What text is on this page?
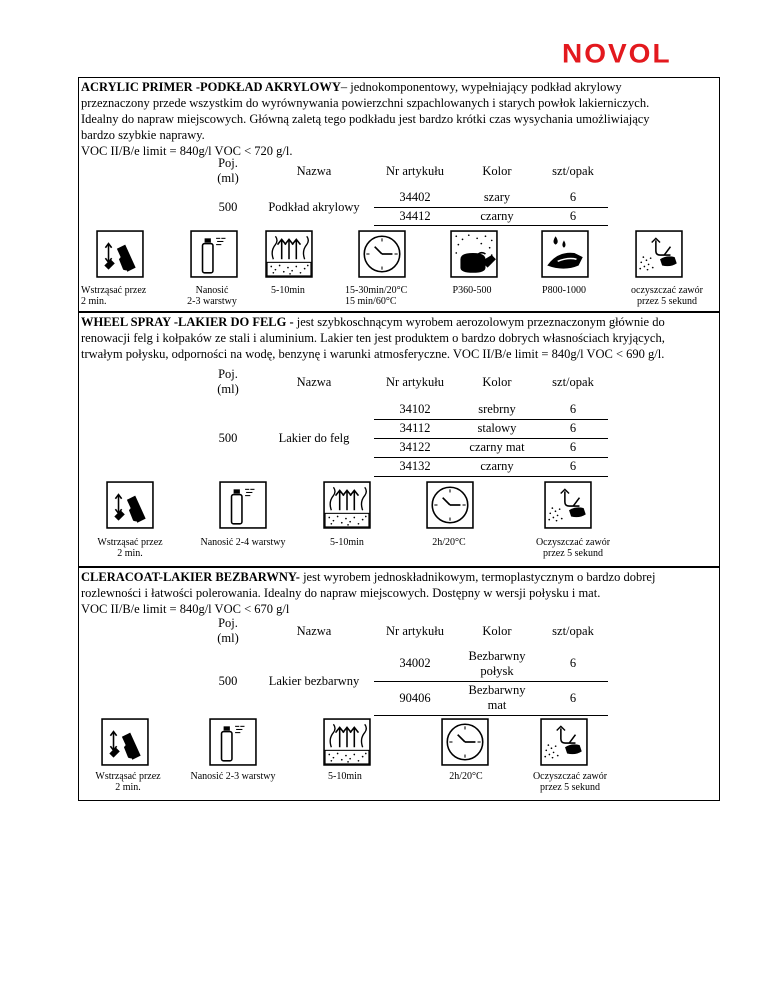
NOVOL
ACRYLIC PRIMER -PODKŁAD AKRYLOWY– jednokomponentowy, wypełniający podkład akrylowy
przeznaczony przede wszystkim do wyrównywania powierzchni szpachlowanych i starych powłok lakierniczych.
Idealny do napraw miejscowych. Główną zaletą tego podkładu jest bardzo krótki czas wysychania umożliwiający
bardzo szybkie naprawy.
VOC II/B/e limit = 840g/l VOC < 720 g/l.
Poj.
(ml)	Nazwa	Nr artykułu	Kolor	szt/opak
500	Podkład akrylowy	34402	szary	6
		34412	czarny	6
Wstrząsać przez
2 min.
Nanosić
2-3 warstwy
5-10min	15-30min/20°C
15 min/60°C
P360-500	P800-1000	oczyszczać zawór
przez 5 sekund
WHEEL SPRAY -LAKIER DO FELG - jest szybkoschnącym wyrobem aerozolowym przeznaczonym głównie do
renowacji felg i kołpaków ze stali i aluminium. Lakier ten jest produktem o bardzo dobrych własnościach kryjących,
trwałym połysku, odporności na wodę, benzynę i warunki atmosferyczne. VOC II/B/e limit = 840g/l VOC < 690 g/l.
Poj.
(ml)	Nazwa	Nr artykułu	Kolor	szt/opak
500	Lakier do felg	34102	srebrny	6
		34112	stalowy	6
		34122	czarny mat	6
		34132	czarny	6
Wstrząsać przez
2 min.
Nanosić 2-4 warstwy	5-10min	2h/20°C	Oczyszczać zawór
przez 5 sekund
CLERACOAT-LAKIER BEZBARWNY- jest wyrobem jednoskładnikowym, termoplastycznym o bardzo dobrej
rozlewności i łatwości polerowania. Idealny do napraw miejscowych. Dostępny w wersji połysku i mat.
VOC II/B/e limit = 840g/l VOC < 670 g/l
Poj.
(ml)	Nazwa	Nr artykułu	Kolor	szt/opak
500	Lakier bezbarwny	34002	Bezbarwny
połysk	6
		90406	Bezbarwny
mat	6
Wstrząsać przez
2 min.
Nanosić 2-3 warstwy	5-10min	2h/20°C	Oczyszczać zawór
przez 5 sekund
